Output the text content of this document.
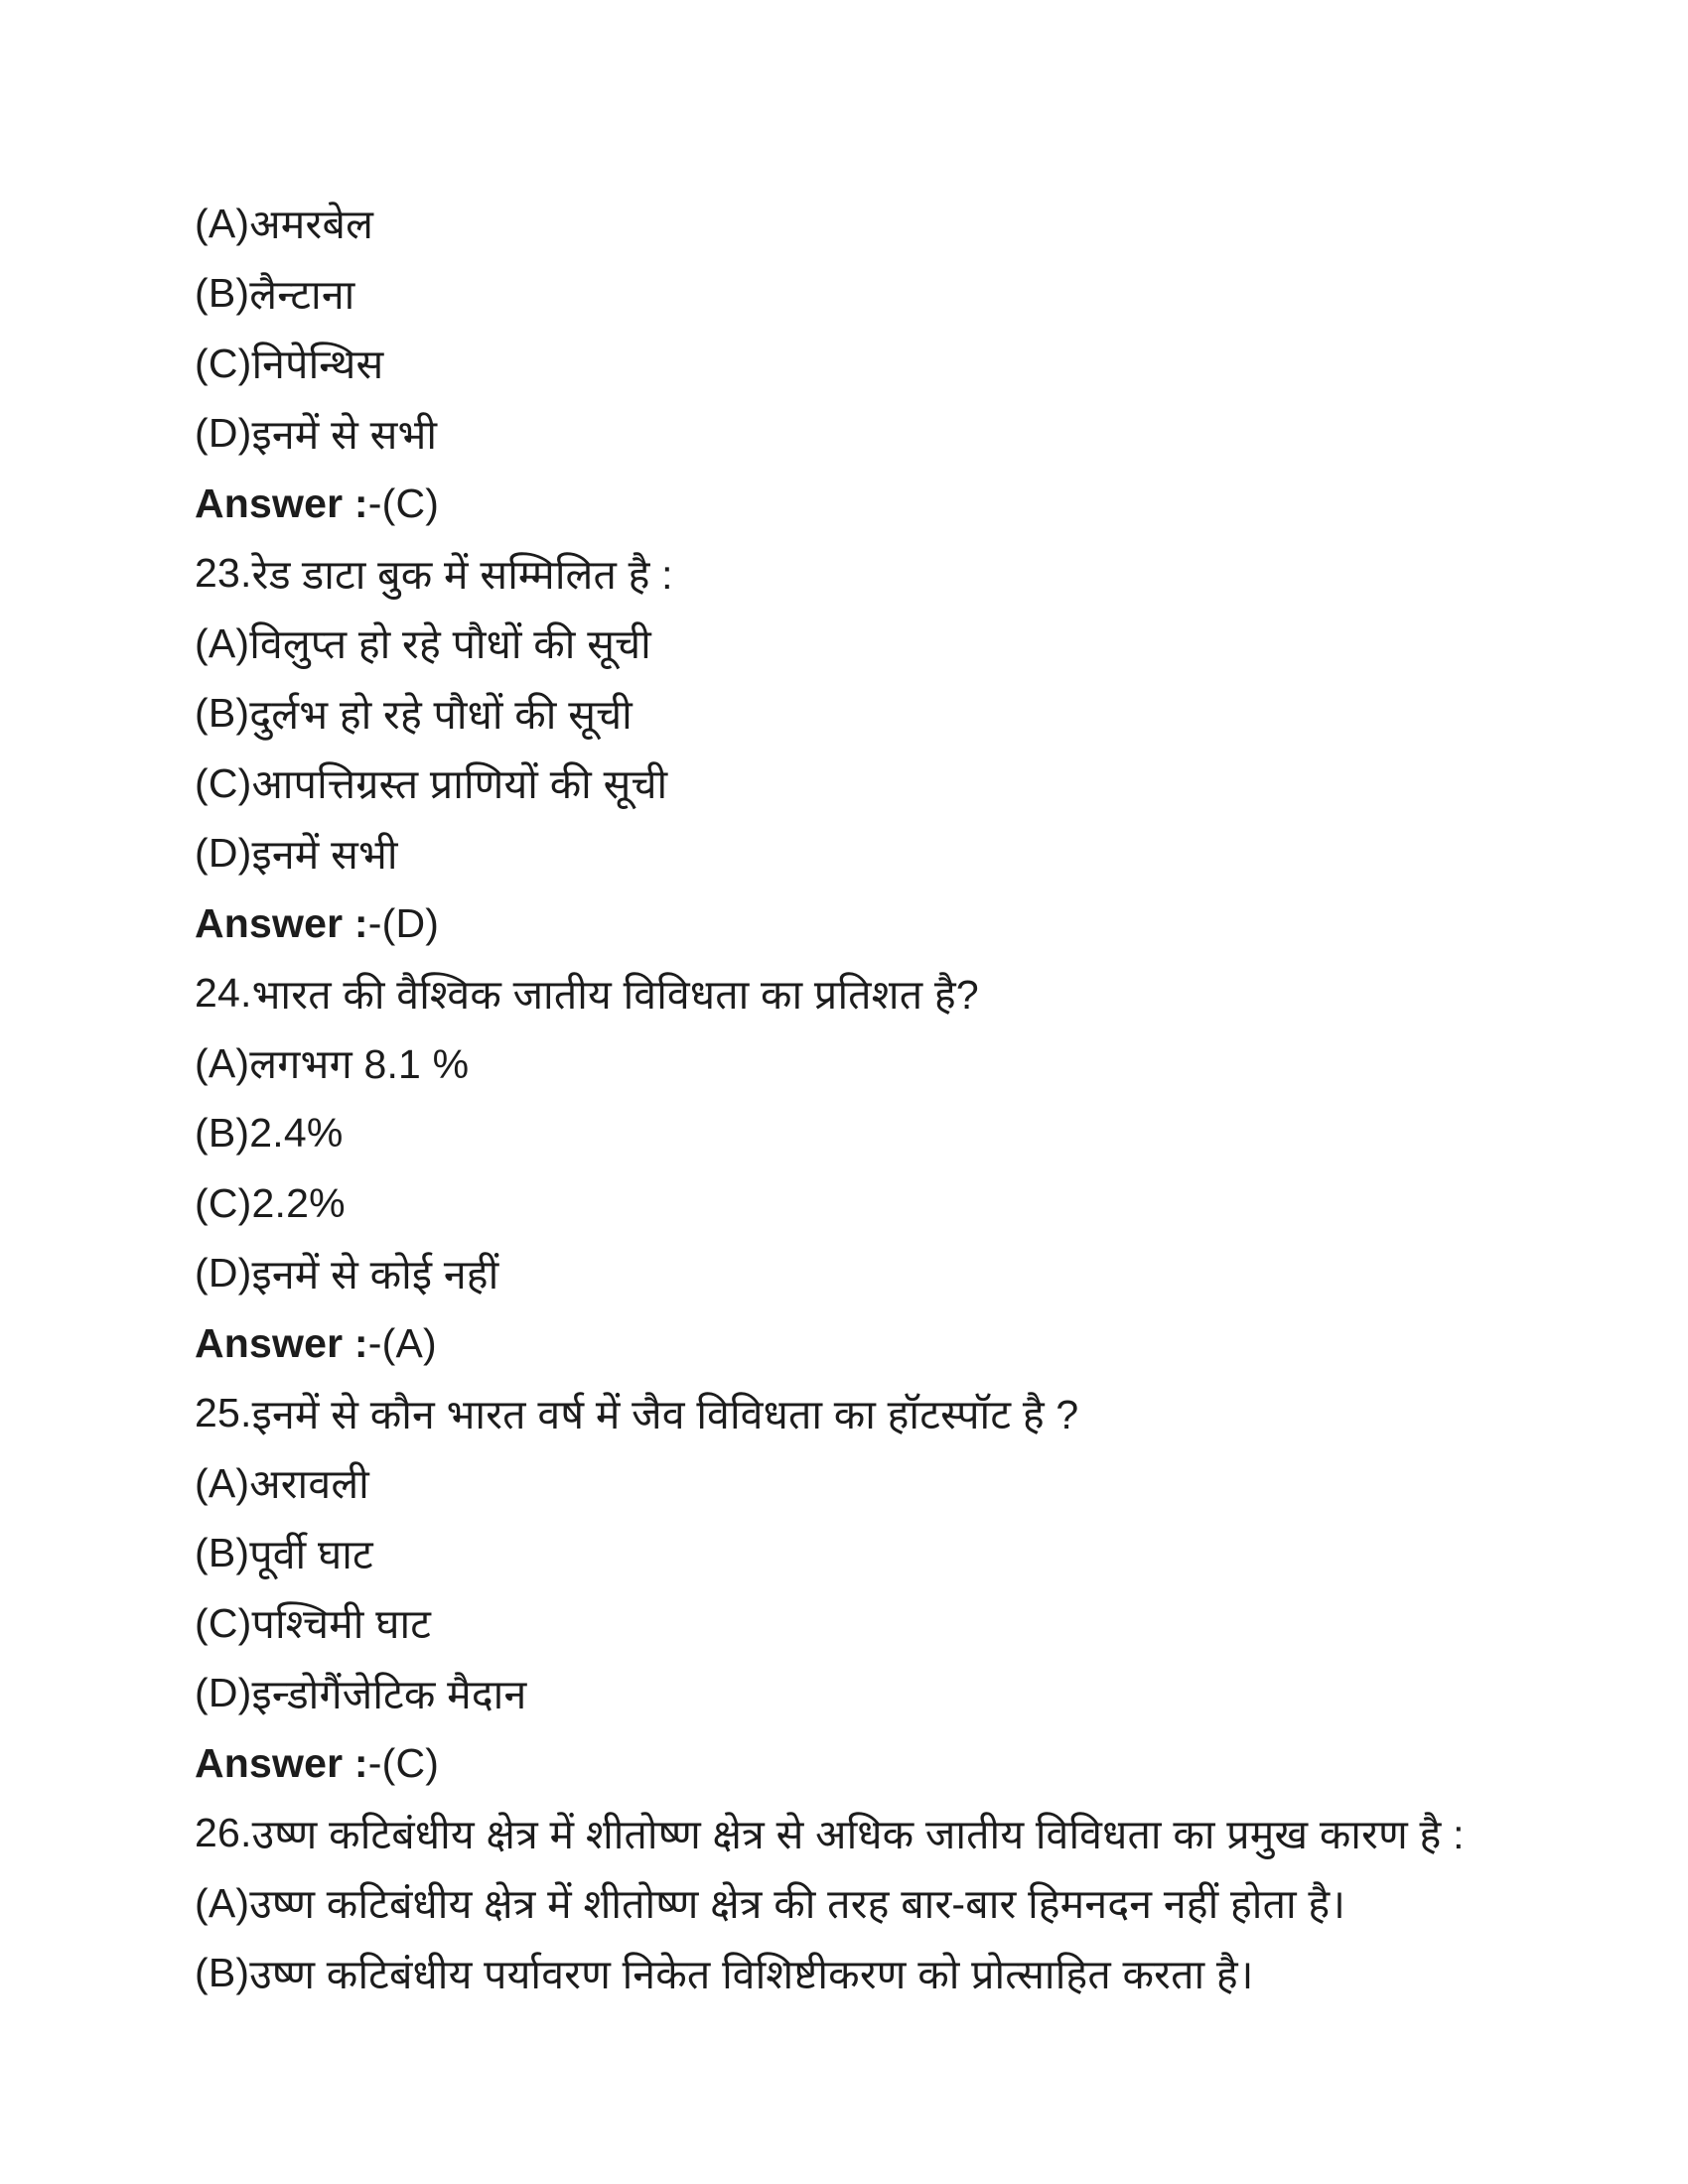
(A) अमरबेल
(B) लैन्टाना
(C) निपेन्थिस
(D) इनमें से सभी
Answer : - (C)
23. रेड डाटा बुक में सम्मिलित है :
(A) विलुप्त हो रहे पौधों की सूची
(B) दुर्लभ हो रहे पौधों की सूची
(C) आपत्तिग्रस्त प्राणियों की सूची
(D) इनमें सभी
Answer : - (D)
24. भारत की वैश्विक जातीय विविधता का प्रतिशत है?
(A) लगभग 8.1 %
(B) 2.4%
(C) 2.2%
(D) इनमें से कोई नहीं
Answer : - (A)
25. इनमें से कौन भारत वर्ष में जैव विविधता का हॉटस्पॉट है ?
(A) अरावली
(B) पूर्वी घाट
(C) पश्चिमी घाट
(D) इन्डोगैंजेटिक मैदान
Answer : - (C)
26. उष्ण कटिबंधीय क्षेत्र में शीतोष्ण क्षेत्र से अधिक जातीय विविधता का प्रमुख कारण है :
(A) उष्ण कटिबंधीय क्षेत्र में शीतोष्ण क्षेत्र की तरह बार-बार हिमनदन नहीं होता है।
(B) उष्ण कटिबंधीय पर्यावरण निकेत विशिष्टीकरण को प्रोत्साहित करता है।
